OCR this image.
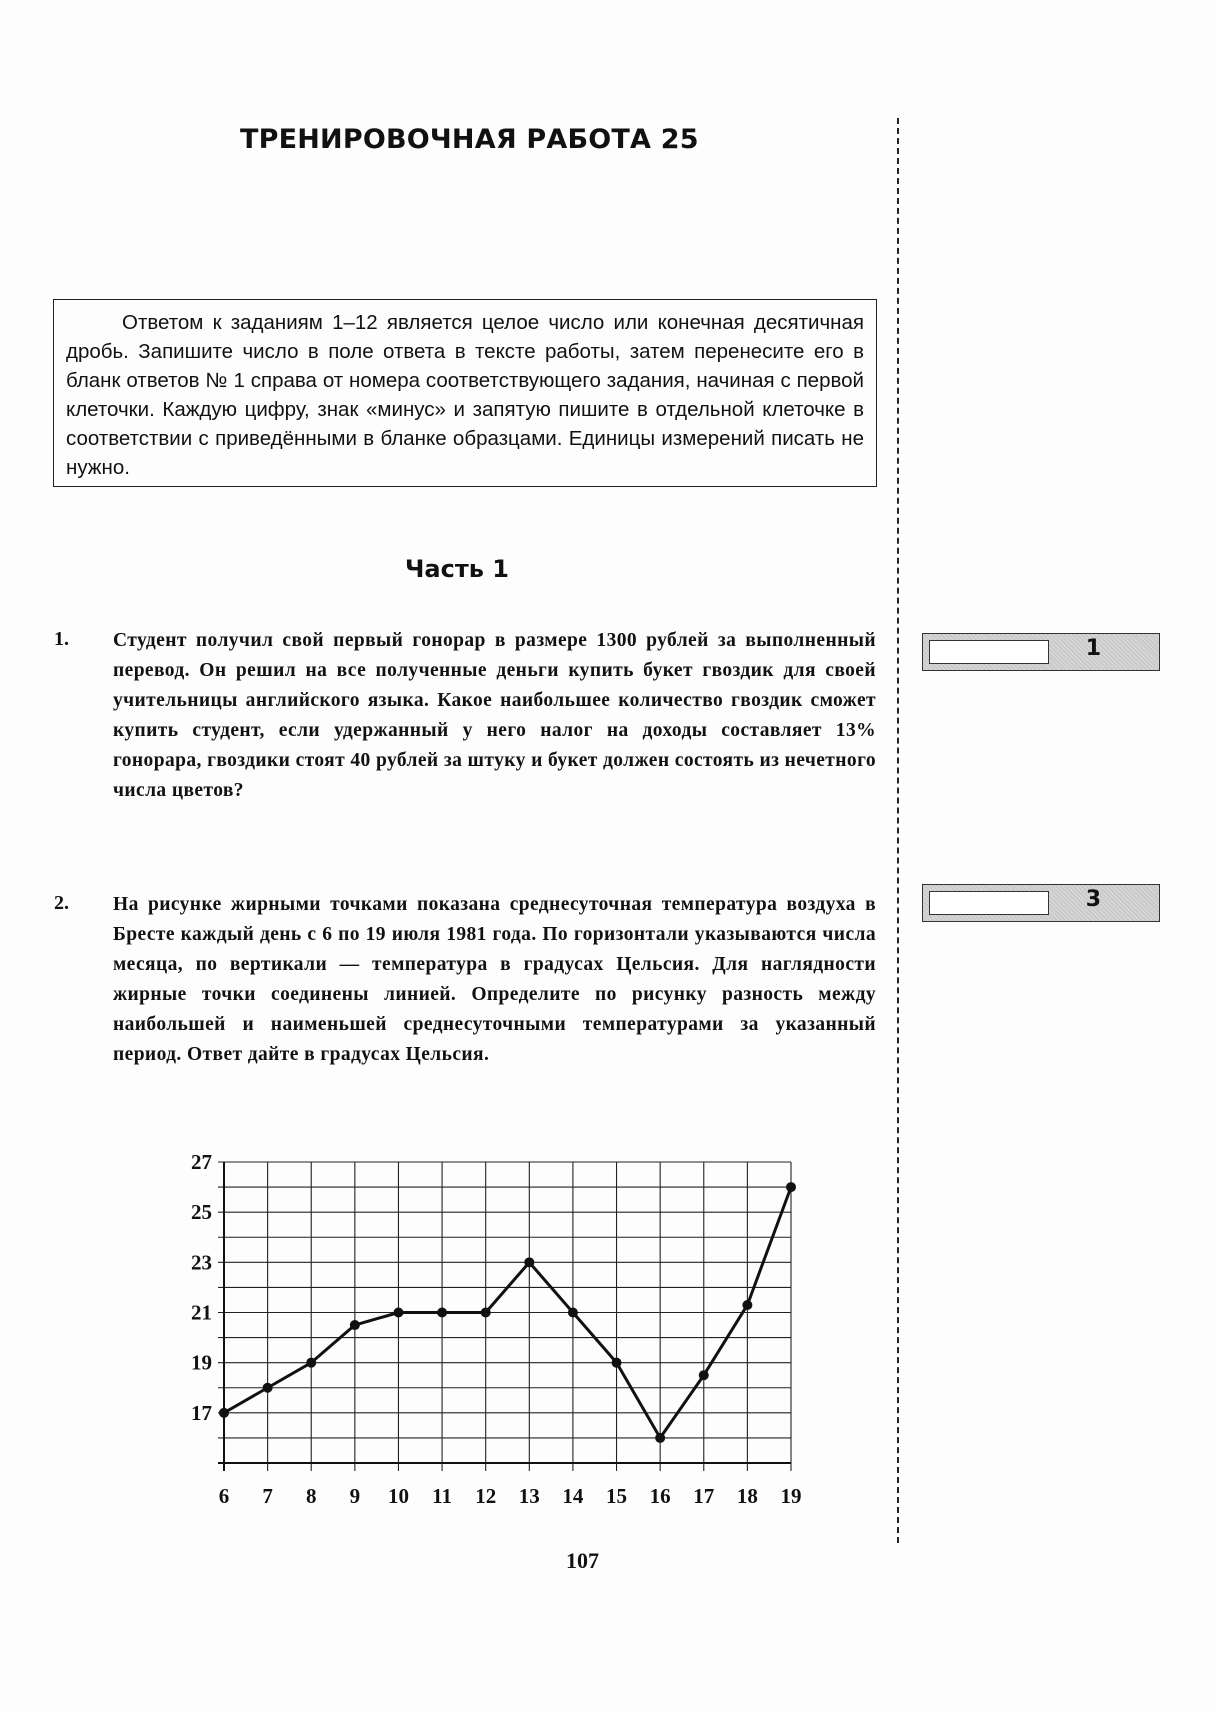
ТРЕНИРОВОЧНАЯ РАБОТА 25
Ответом к заданиям 1–12 является целое число или конечная десятичная дробь. Запишите число в поле ответа в тексте работы, затем перенесите его в бланк ответов № 1 справа от номера соответствующего задания, начиная с первой клеточки. Каждую цифру, знак «минус» и запятую пишите в отдельной клеточке в соответствии с приведёнными в бланке образцами. Единицы измерений писать не нужно.
Часть 1
1. Студент получил свой первый гонорар в размере 1300 рублей за выполненный перевод. Он решил на все полученные деньги купить букет гвоздик для своей учительницы английского языка. Какое наибольшее количество гвоздик сможет купить студент, если удержанный у него налог на доходы составляет 13% гонорара, гвоздики стоят 40 рублей за штуку и букет должен состоять из нечетного числа цветов?
2. На рисунке жирными точками показана среднесуточная температура воздуха в Бресте каждый день с 6 по 19 июля 1981 года. По горизонтали указываются числа месяца, по вертикали — температура в градусах Цельсия. Для наглядности жирные точки соединены линией. Определите по рисунку разность между наибольшей и наименьшей среднесуточными температурами за указанный период. Ответ дайте в градусах Цельсия.
1
3
17
19
21
23
25
27
6 7 8 9 10 11 12 13 14 15 16 17 18 19
107
